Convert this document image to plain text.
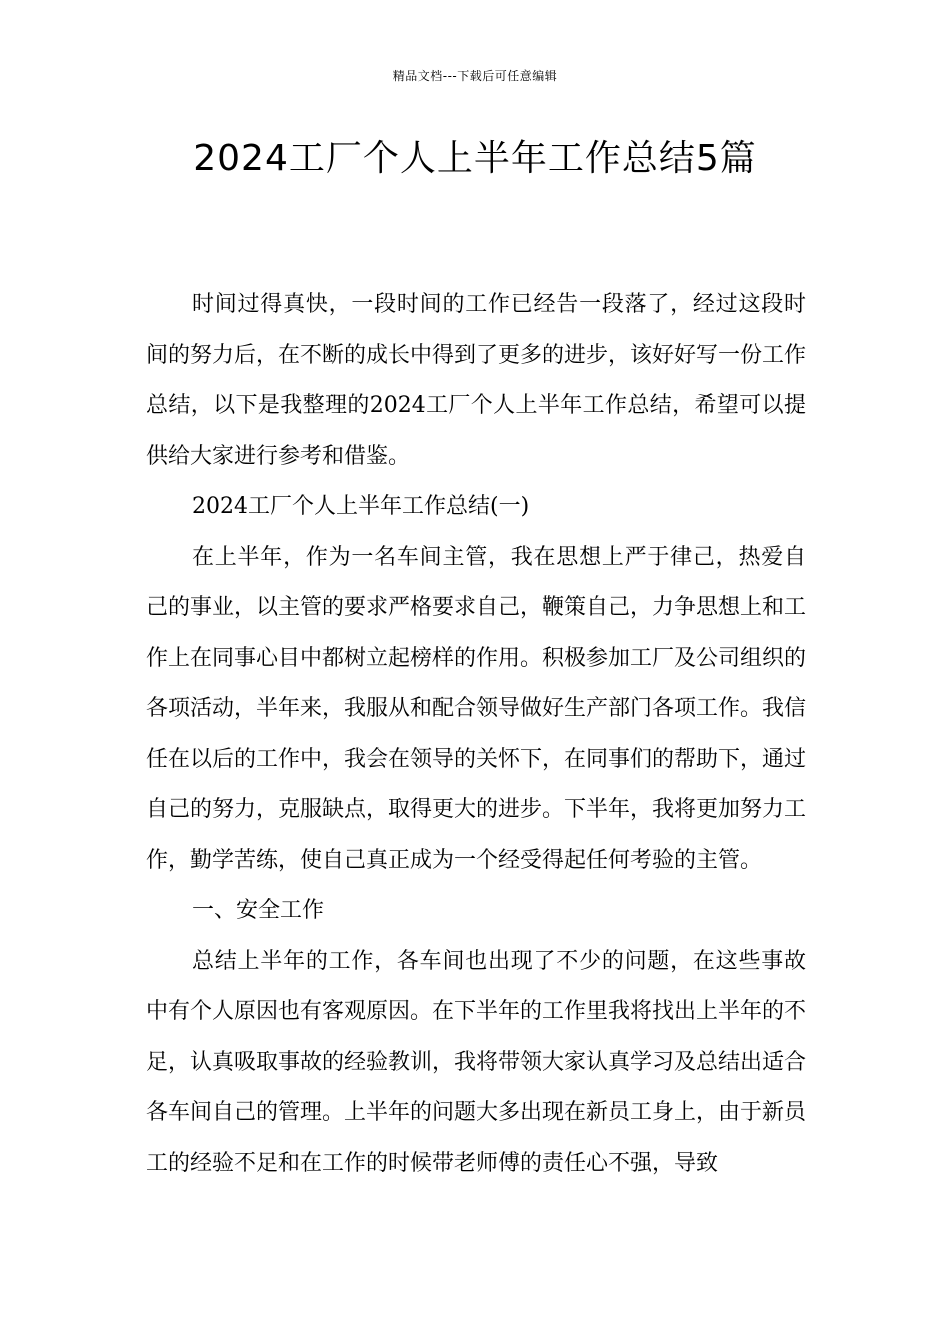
精品文档---下载后可任意编辑
2024工厂个人上半年工作总结5篇

时间过得真快，一段时间的工作已经告一段落了，经过这段时间的努力后，在不断的成长中得到了更多的进步，该好好写一份工作总结，以下是我整理的2024工厂个人上半年工作总结，希望可以提供给大家进行参考和借鉴。

2024工厂个人上半年工作总结(一)

在上半年，作为一名车间主管，我在思想上严于律己，热爱自己的事业，以主管的要求严格要求自己，鞭策自己，力争思想上和工作上在同事心目中都树立起榜样的作用。积极参加工厂及公司组织的各项活动，半年来，我服从和配合领导做好生产部门各项工作。我信任在以后的工作中，我会在领导的关怀下，在同事们的帮助下，通过自己的努力，克服缺点，取得更大的进步。下半年，我将更加努力工作，勤学苦练，使自己真正成为一个经受得起任何考验的主管。

一、安全工作

总结上半年的工作，各车间也出现了不少的问题，在这些事故中有个人原因也有客观原因。在下半年的工作里我将找出上半年的不足，认真吸取事故的经验教训，我将带领大家认真学习及总结出适合各车间自己的管理。上半年的问题大多出现在新员工身上，由于新员工的经验不足和在工作的时候带老师傅的责任心不强，导致
